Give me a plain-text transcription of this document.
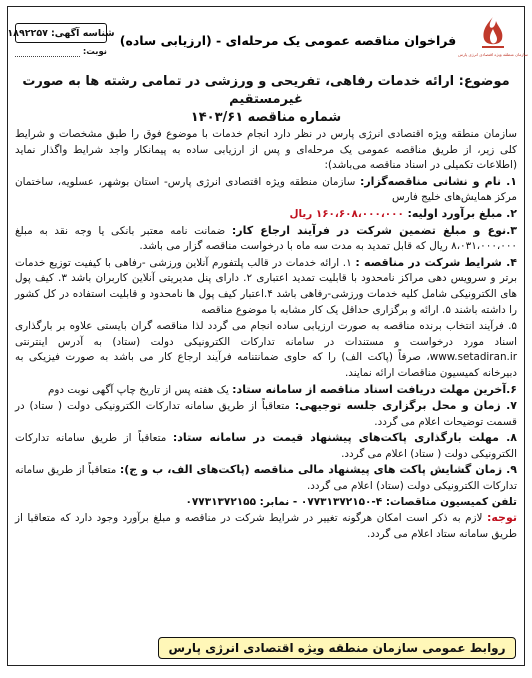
سازمان منطقه ویژه اقتصادی انرژی پارس
فراخوان مناقصه عمومی یک مرحله‌ای - (ارزیابی ساده)
شناسه آگهی:
۱۸۹۲۲۵۷
نوبت:
موضوع: ارائه خدمات رفاهی، تفریحی و ورزشی در تمامی رشته ها به صورت غیرمستقیم
شماره مناقصه ۱۴۰۳/۶۱

سازمان منطقه ویژه اقتصادی انرژی پارس در نظر دارد انجام خدمات با موضوع فوق را طبق مشخصات و شرایط کلی زیر، از طریق مناقصه عمومی یک مرحله‌ای و پس از ارزیابی ساده به پیمانکار واجد شرایط واگذار نماید (اطلاعات تکمیلی در اسناد مناقصه می‌باشد):

۱. نام و نشانی مناقصه‌گزار: سازمان منطقه ویژه اقتصادی انرژی پارس- استان بوشهر، عسلویه، ساختمان مرکز همایش‌های خلیج فارس

۲. مبلغ برآورد اولیه: ۱۶۰،۶۰۸،۰۰۰،۰۰۰ ریال

۳.نوع و مبلغ تضمین شرکت در فرآیند ارجاع کار: ضمانت نامه معتبر بانکی یا وجه نقد به مبلغ ۸،۰۳۱،۰۰۰،۰۰۰ ریال که قابل تمدید به مدت سه ماه با درخواست مناقصه گزار می باشد.

۴. شرایط شرکت در مناقصه : ۱. ارائه خدمات در قالب پلتفورم آنلاین ورزشی -رفاهی با کیفیت توزیع خدمات برتر و سرویس دهی مراکز نامحدود با قابلیت تمدید اعتباری ۲. دارای پنل مدیریتی آنلاین کاربران باشد ۳. کیف پول های الکترونیکی شامل کلیه خدمات ورزشی-رفاهی باشد ۴.اعتبار کیف پول ها نامحدود و قابلیت استفاده در کل کشور را داشته باشند ۵. ارائه و برگزاری حداقل یک کار مشابه با موضوع مناقصه

۵. فرآیند انتخاب برنده مناقصه به صورت ارزیابی ساده انجام می گردد لذا مناقصه گران بایستی علاوه بر بارگذاری اسناد مورد درخواست و مستندات در سامانه تدارکات الکترونیکی دولت (ستاد) به آدرس اینترنتی www.setadiran.ir، صرفاً (پاکت الف) را که حاوی ضمانتنامه فرآیند ارجاع کار می باشد به صورت فیزیکی به دبیرخانه کمیسیون مناقصات ارائه نمایند.

۶.آخرین مهلت دریافت اسناد مناقصه از سامانه ستاد: یک هفته پس از تاریخ چاپ آگهی نوبت دوم

۷. زمان و محل برگزاری جلسه توجیهی: متعاقباً از طریق سامانه تدارکات الکترونیکی دولت ( ستاد) در قسمت توضیحات اعلام می گردد.

۸. مهلت بارگذاری پاکت‌های پیشنهاد قیمت در سامانه ستاد: متعاقباً از طریق سامانه تدارکات الکترونیکی دولت ( ستاد) اعلام می گردد.

۹. زمان گشایش پاکت های پیشنهاد مالی مناقصه (پاکت‌های الف، ب و ج): متعاقباً از طریق سامانه تدارکات الکترونیکی دولت (ستاد) اعلام می گردد.

تلفن کمیسیون مناقصات: ۴-۰۷۷۳۱۳۷۲۱۵۰ - نمابر: ۰۷۷۳۱۳۷۲۱۵۵

توجه: لازم به ذکر است امکان هرگونه تغییر در شرایط شرکت در مناقصه و مبلغ برآورد وجود دارد که متعاقبا از طریق سامانه ستاد اعلام می گردد.

روابط عمومی سازمان منطقه ویژه اقتصادی انرژی پارس
